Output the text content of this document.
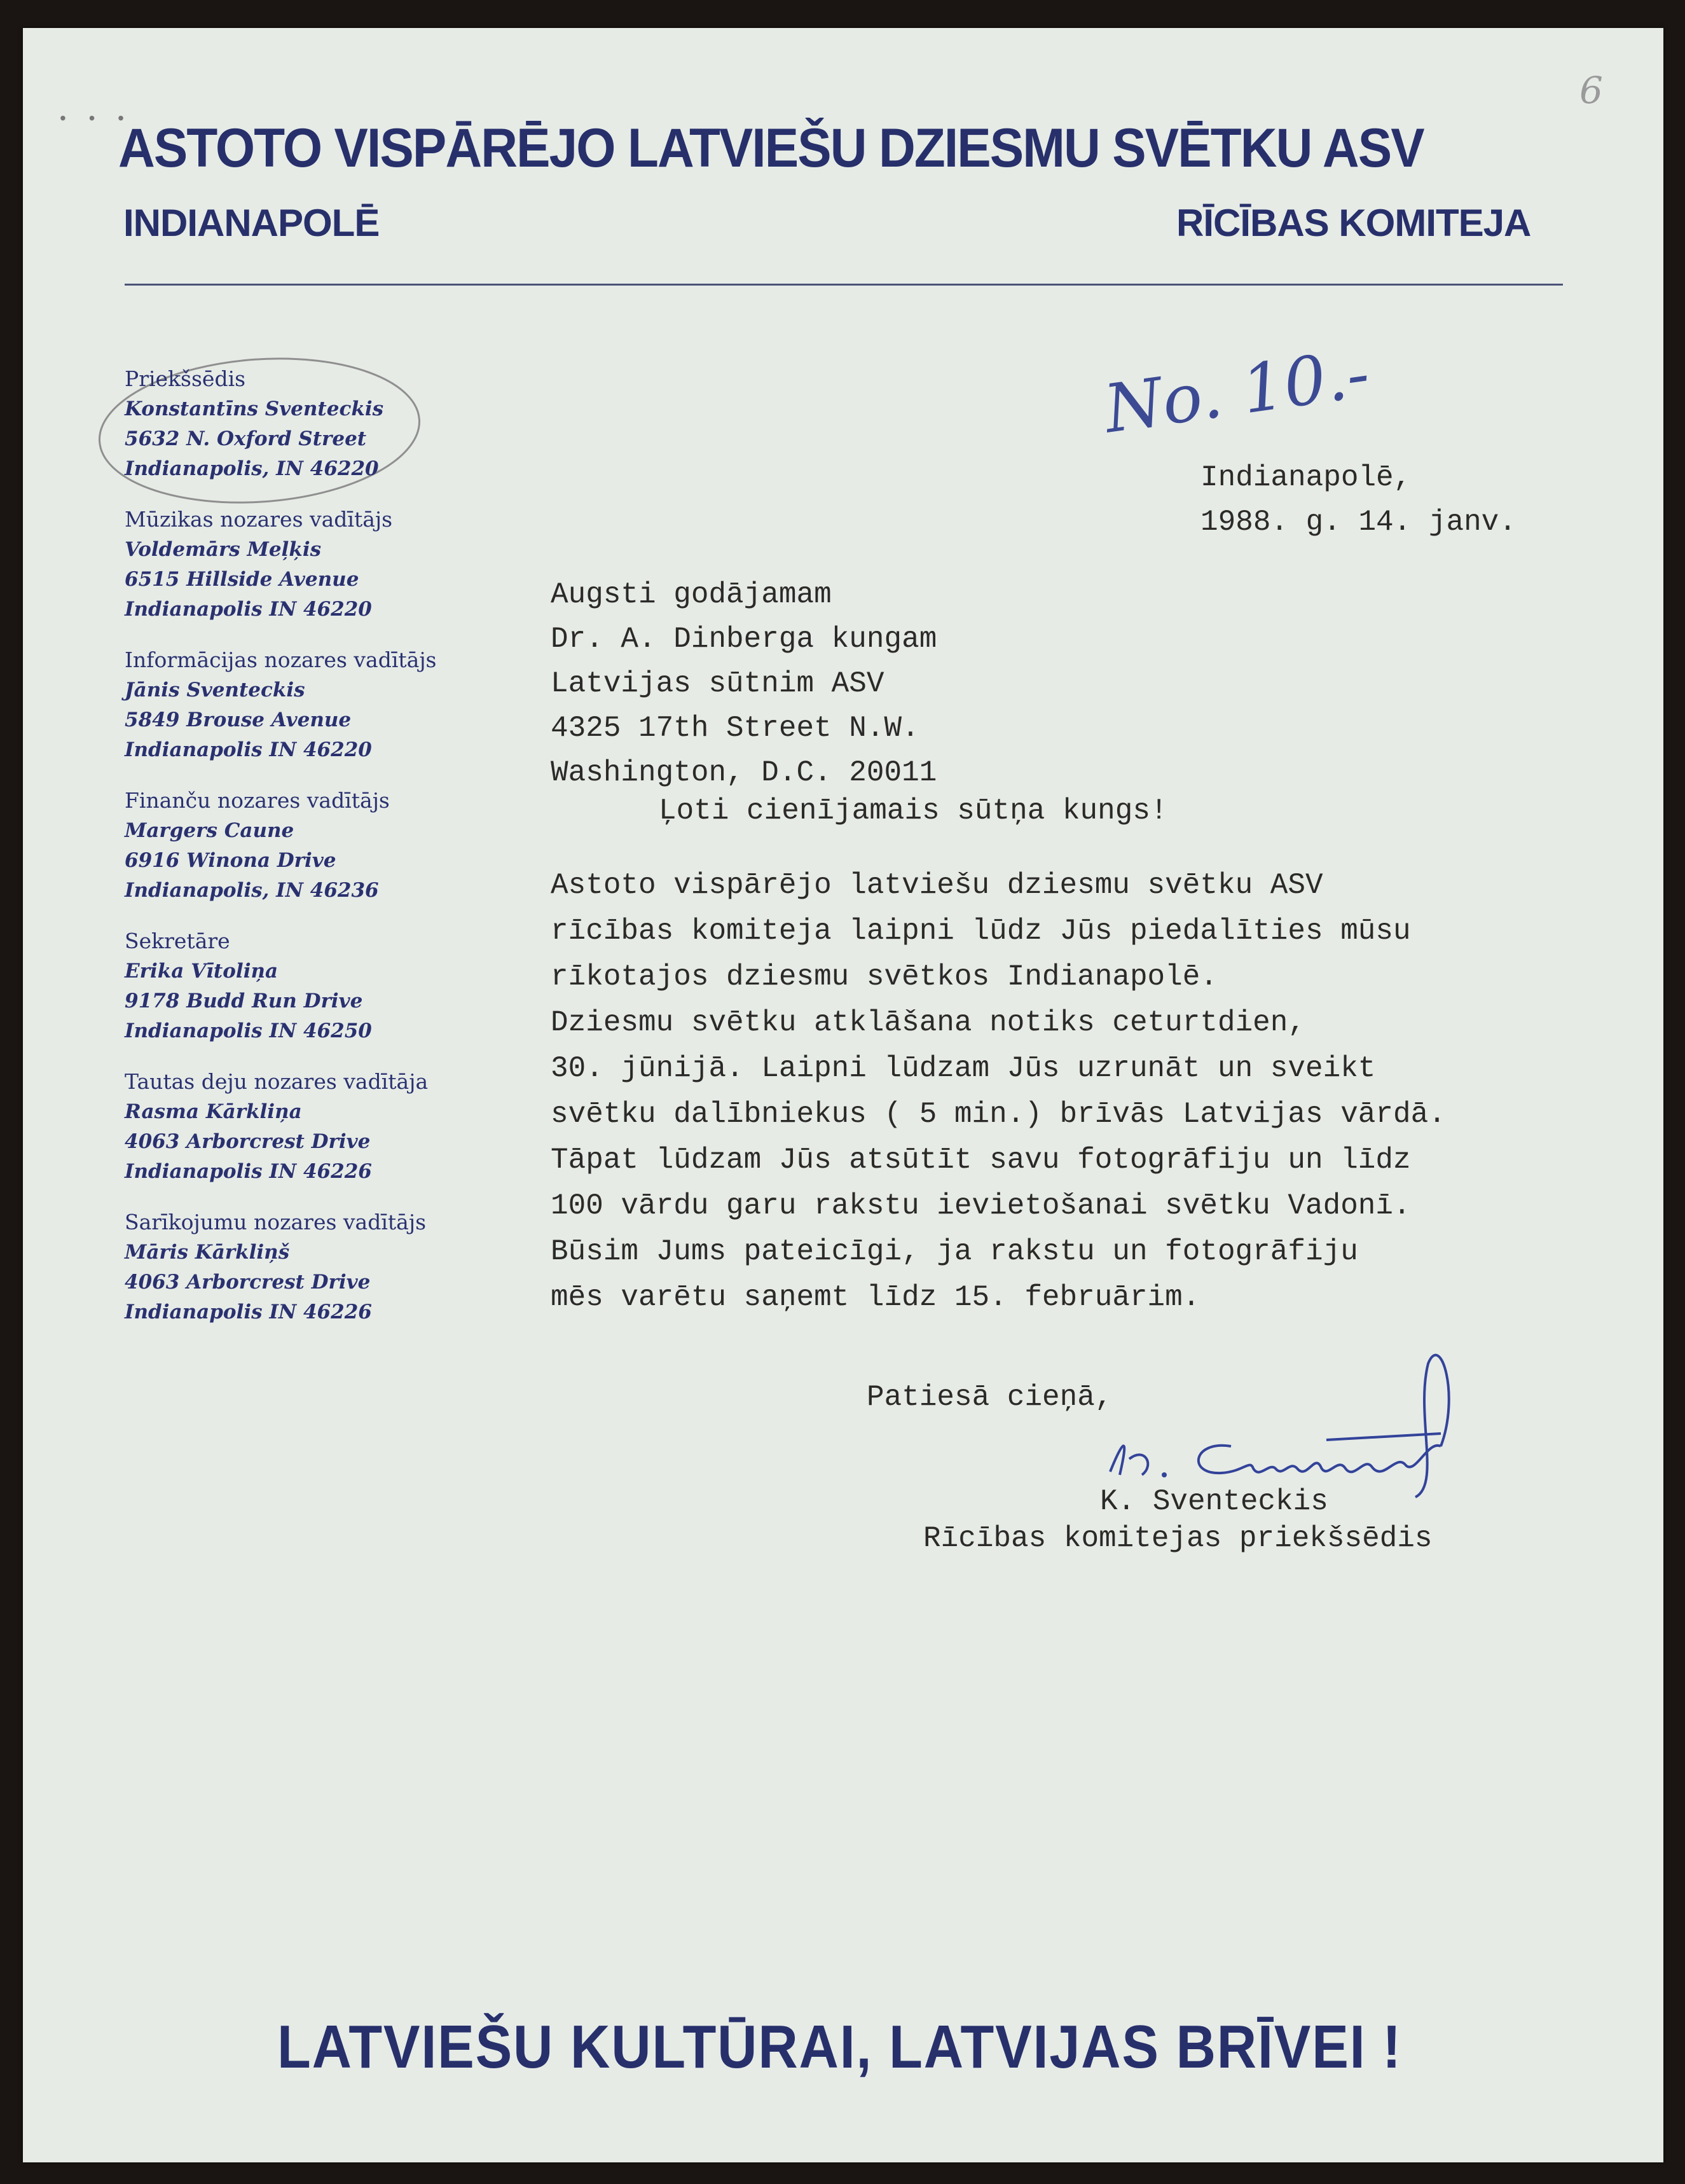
• • •
6
ASTOTO VISPĀRĒJO LATVIEŠU DZIESMU SVĒTKU ASV
INDIANAPOLĒ	RĪCĪBAS KOMITEJA
Priekšsēdis
Konstantīns Sventeckis
5632 N. Oxford Street
Indianapolis, IN 46220
Mūzikas nozares vadītājs
Voldemārs Meļķis
6515 Hillside Avenue
Indianapolis IN 46220
Informācijas nozares vadītājs
Jānis Sventeckis
5849 Brouse Avenue
Indianapolis IN 46220
Finanču nozares vadītājs
Margers Caune
6916 Winona Drive
Indianapolis, IN 46236
Sekretāre
Erika Vītoliņa
9178 Budd Run Drive
Indianapolis IN 46250
Tautas deju nozares vadītāja
Rasma Kārkliņa
4063 Arborcrest Drive
Indianapolis IN 46226
Sarīkojumu nozares vadītājs
Māris Kārkliņš
4063 Arborcrest Drive
Indianapolis IN 46226
No. 10.-
Indianapolē,
1988. g. 14. janv.
Augsti godājamam
Dr. A. Dinberga kungam
Latvijas sūtnim ASV
4325 17th Street N.W.
Washington, D.C. 20011
Ļoti cienījamais sūtņa kungs!
Astoto vispārējo latviešu dziesmu svētku ASV
rīcības komiteja laipni lūdz Jūs piedalīties mūsu
rīkotajos dziesmu svētkos Indianapolē.
Dziesmu svētku atklāšana notiks ceturtdien,
30. jūnijā. Laipni lūdzam Jūs uzrunāt un sveikt
svētku dalībniekus ( 5 min.) brīvās Latvijas vārdā.
Tāpat lūdzam Jūs atsūtīt savu fotogrāfiju un līdz
100 vārdu garu rakstu ievietošanai svētku Vadonī.
Būsim Jums pateicīgi, ja rakstu un fotogrāfiju
mēs varētu saņemt līdz 15. februārim.
Patiesā cieņā,
K. Sventeckis
Rīcības komitejas priekšsēdis
LATVIEŠU KULTŪRAI, LATVIJAS BRĪVEI !
